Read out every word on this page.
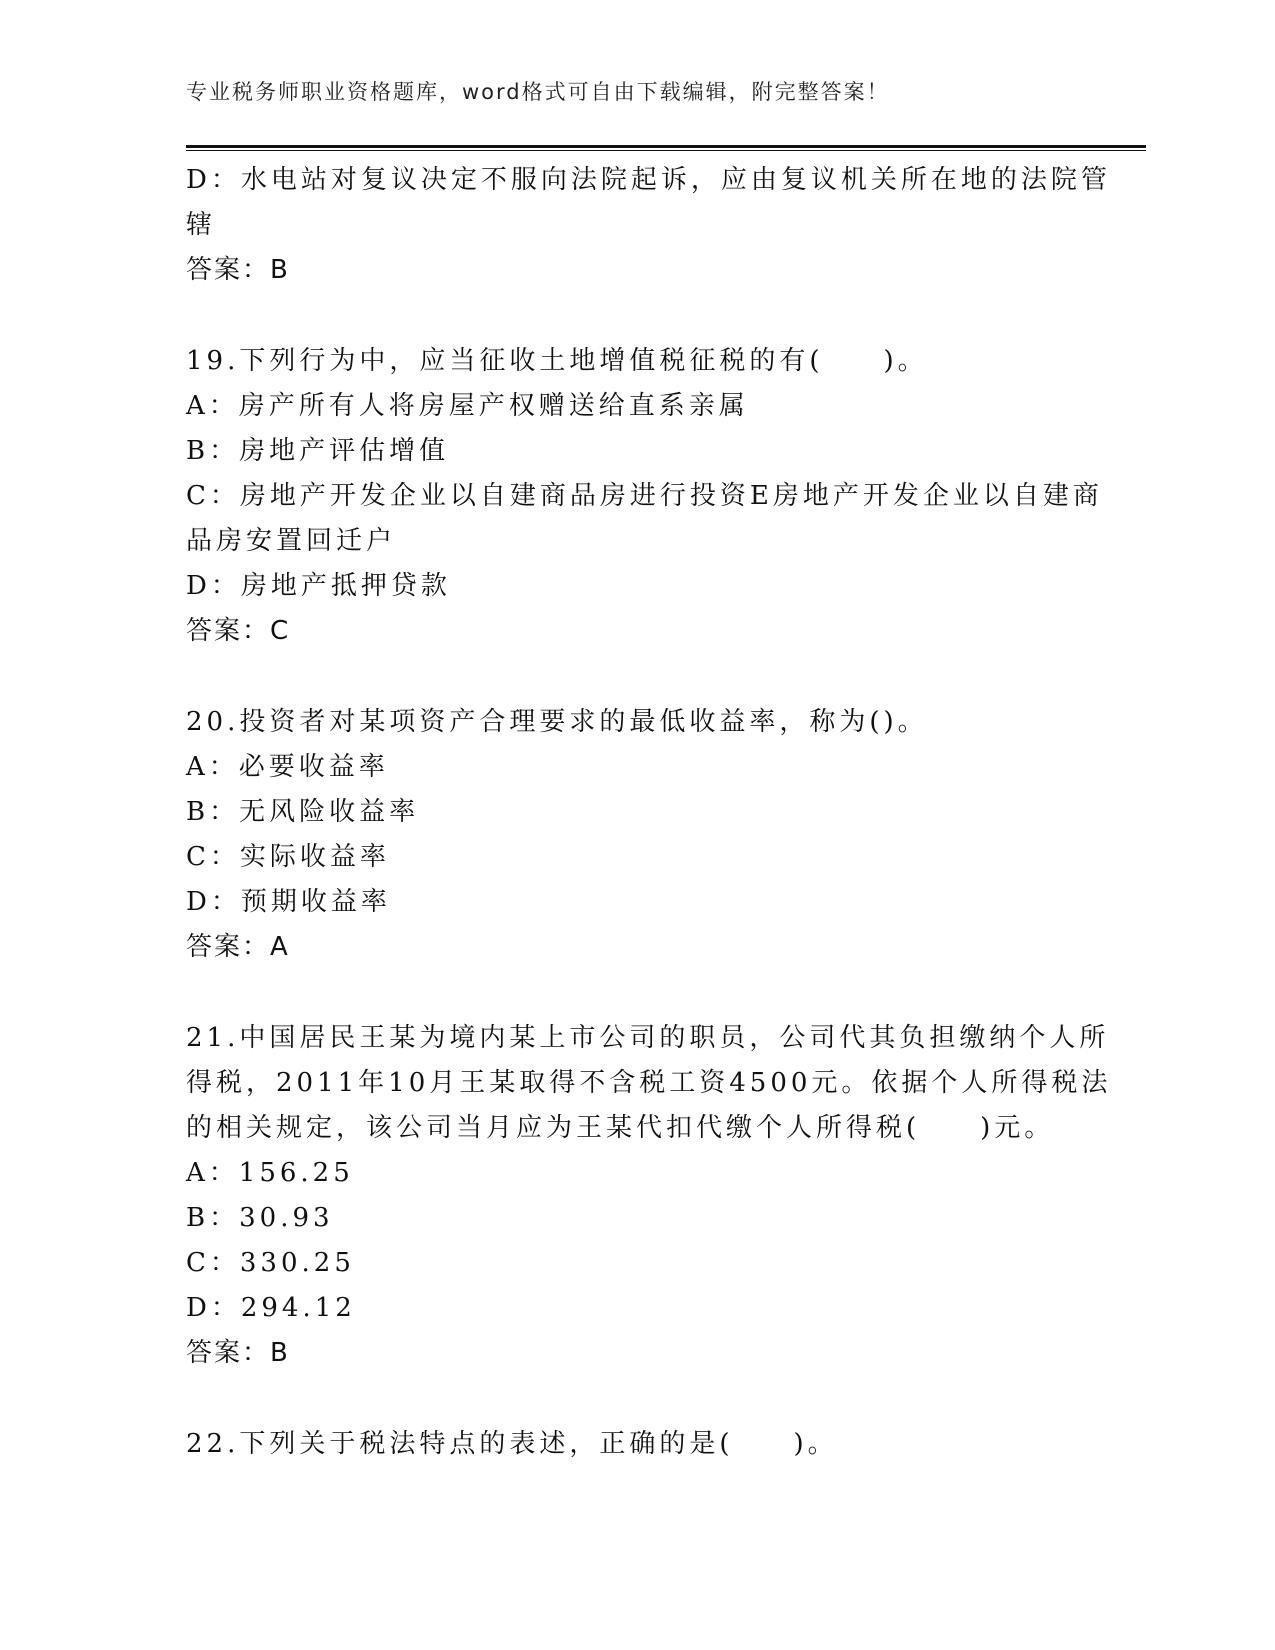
专业税务师职业资格题库，word格式可自由下载编辑，附完整答案！
D：水电站对复议决定不服向法院起诉，应由复议机关所在地的法院管
辖
答案：B
19.下列行为中，应当征收土地增值税征税的有(　　)。
A：房产所有人将房屋产权赠送给直系亲属
B：房地产评估增值
C：房地产开发企业以自建商品房进行投资E房地产开发企业以自建商
品房安置回迁户
D：房地产抵押贷款
答案：C
20.投资者对某项资产合理要求的最低收益率，称为()。
A：必要收益率
B：无风险收益率
C：实际收益率
D：预期收益率
答案：A
21.中国居民王某为境内某上市公司的职员，公司代其负担缴纳个人所
得税，2011年10月王某取得不含税工资4500元。依据个人所得税法
的相关规定，该公司当月应为王某代扣代缴个人所得税(　　)元。
A：156.25
B：30.93
C：330.25
D：294.12
答案：B
22.下列关于税法特点的表述，正确的是(　　)。
